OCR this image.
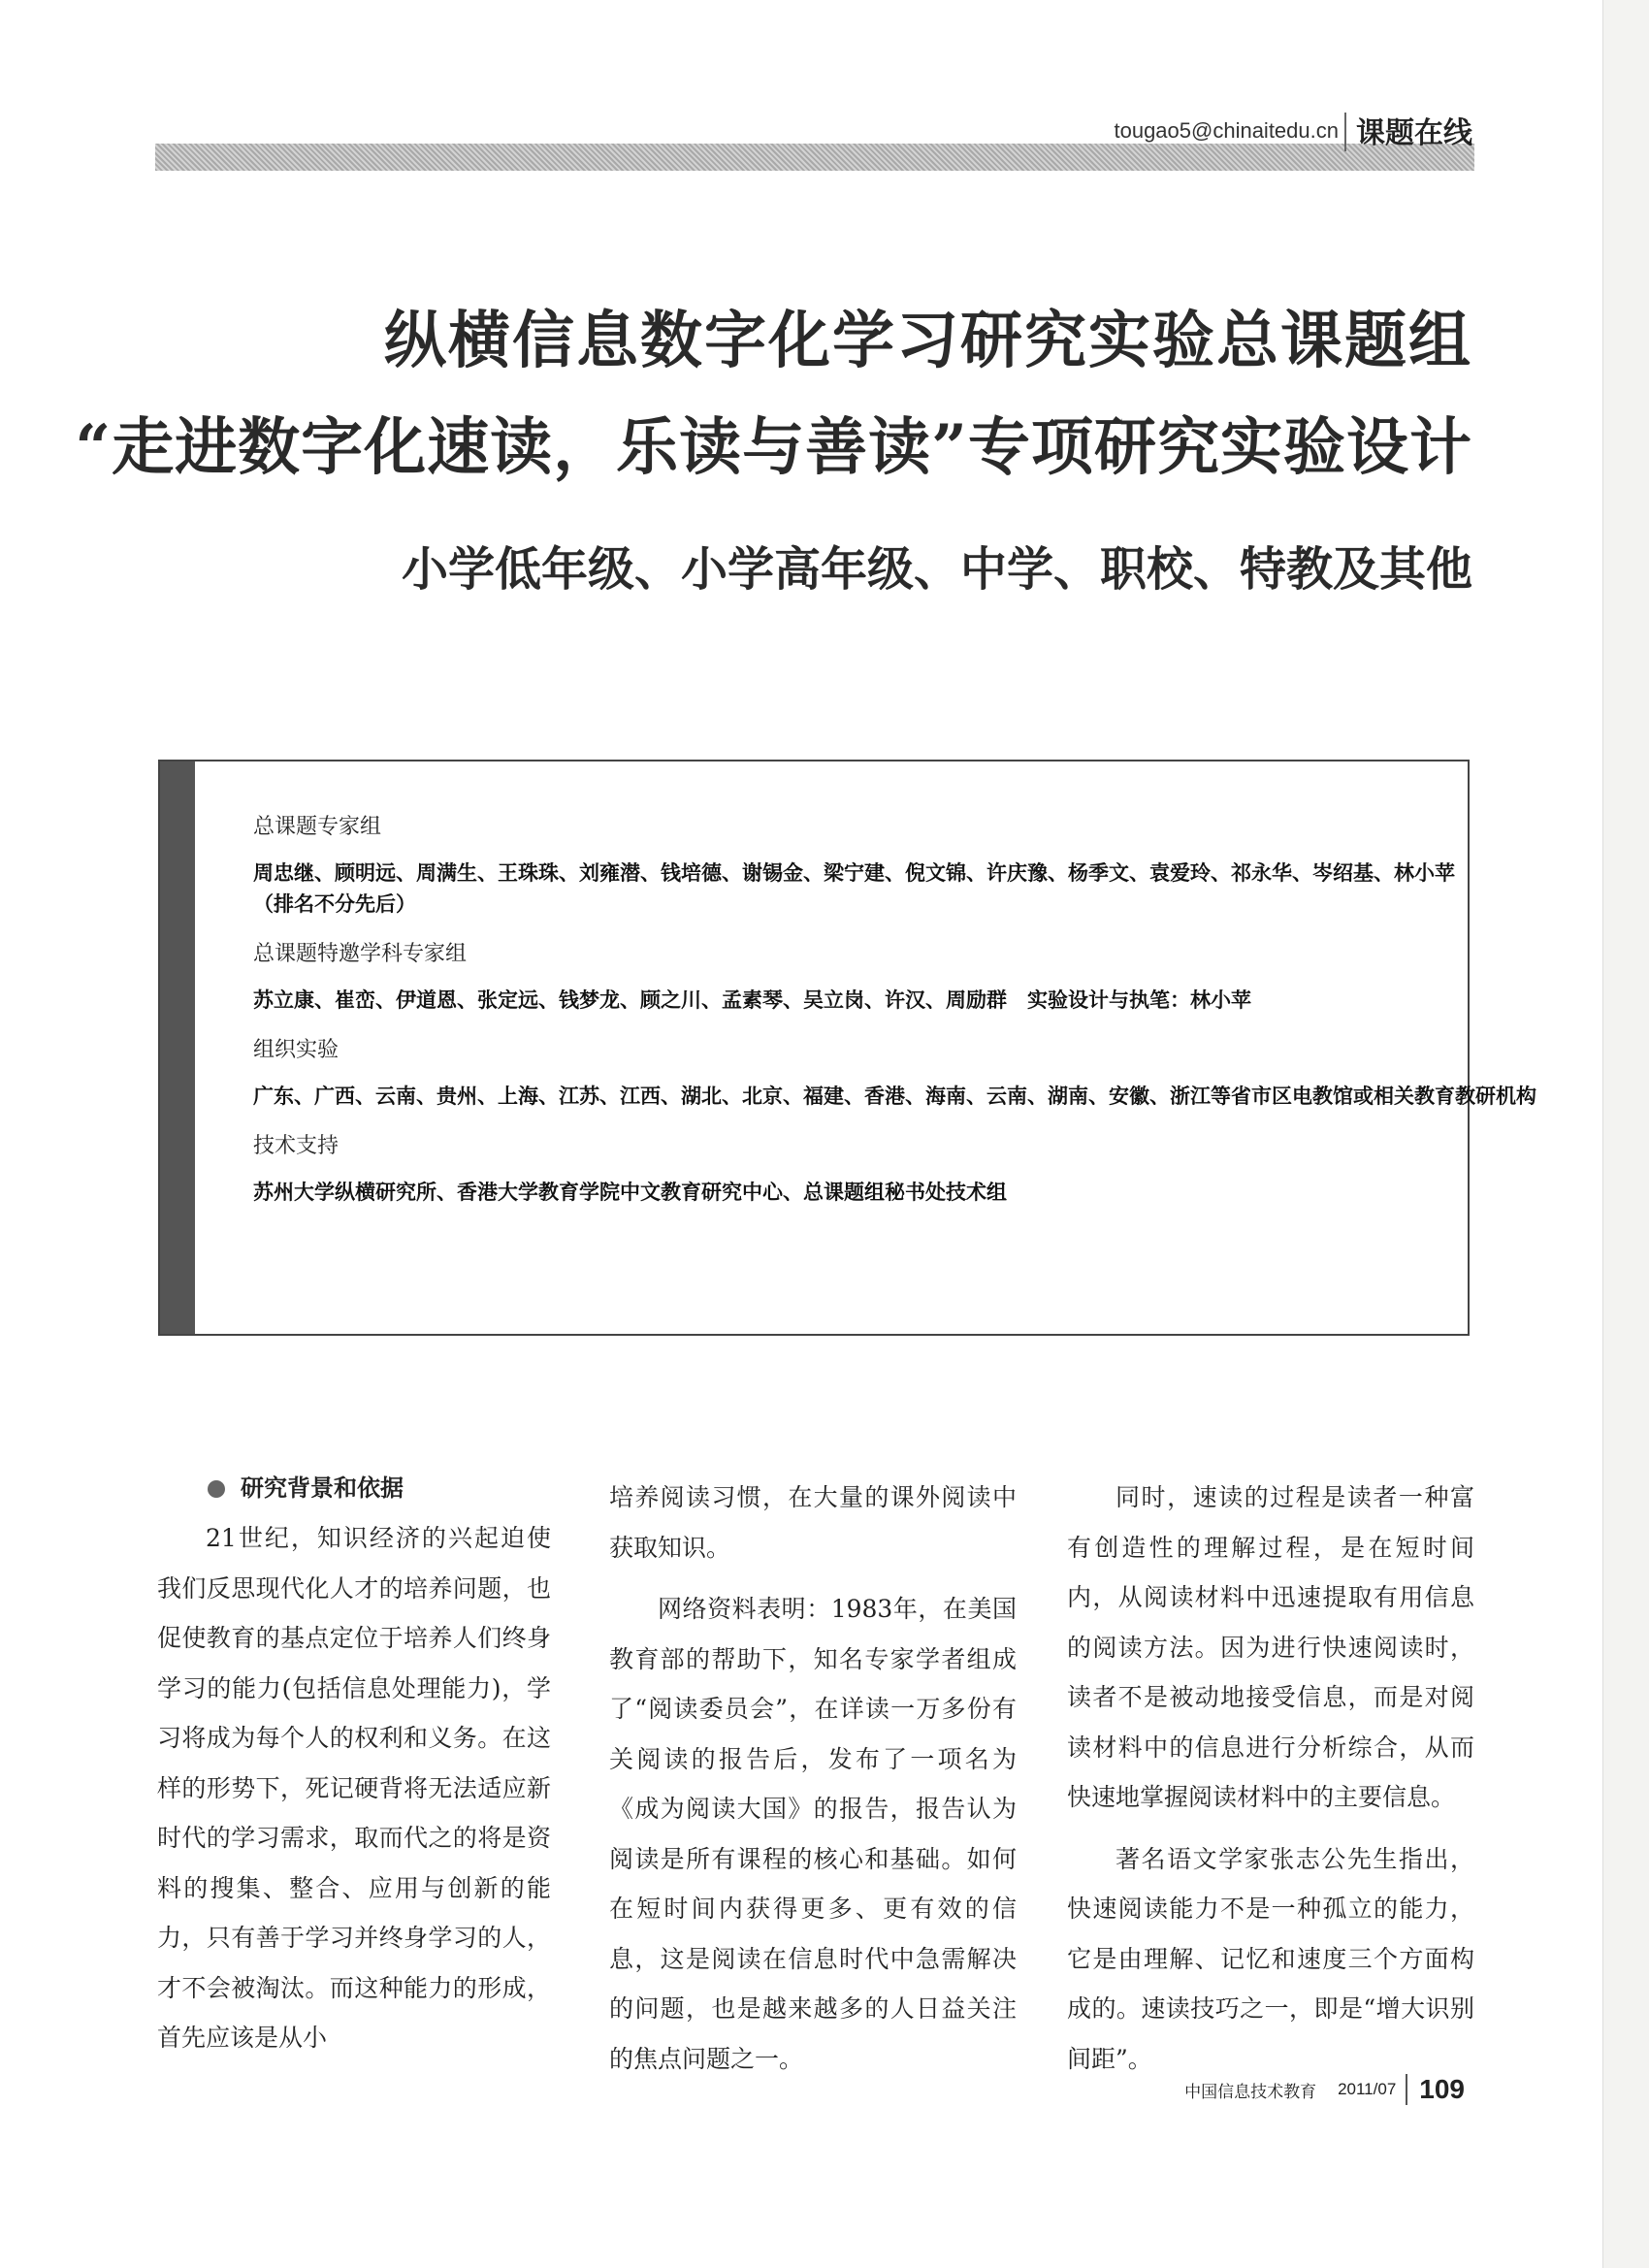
tougao5@chinaitedu.cn 课题在线
纵横信息数字化学习研究实验总课题组
“走进数字化速读，乐读与善读”专项研究实验设计
小学低年级、小学高年级、中学、职校、特教及其他

总课题专家组

周忠继、顾明远、周满生、王珠珠、刘雍潜、钱培德、谢锡金、梁宁建、倪文锦、许庆豫、杨季文、袁爱玲、祁永华、岑绍基、林小苹
（排名不分先后）

总课题特邀学科专家组

苏立康、崔峦、伊道恩、张定远、钱梦龙、顾之川、孟素琴、吴立岗、许汉、周励群　实验设计与执笔：林小苹

组织实验

广东、广西、云南、贵州、上海、江苏、江西、湖北、北京、福建、香港、海南、云南、湖南、安徽、浙江等省市区电教馆或相关教育教研机构

技术支持

苏州大学纵横研究所、香港大学教育学院中文教育研究中心、总课题组秘书处技术组

研究背景和依据

21世纪，知识经济的兴起迫使我们反思现代化人才的培养问题，也促使教育的基点定位于培养人们终身学习的能力(包括信息处理能力)，学习将成为每个人的权利和义务。在这样的形势下，死记硬背将无法适应新时代的学习需求，取而代之的将是资料的搜集、整合、应用与创新的能力，只有善于学习并终身学习的人，才不会被淘汰。而这种能力的形成，首先应该是从小

培养阅读习惯，在大量的课外阅读中获取知识。

网络资料表明：1983年，在美国教育部的帮助下，知名专家学者组成了“阅读委员会”，在详读一万多份有关阅读的报告后，发布了一项名为《成为阅读大国》的报告，报告认为阅读是所有课程的核心和基础。如何在短时间内获得更多、更有效的信息，这是阅读在信息时代中急需解决的问题，也是越来越多的人日益关注的焦点问题之一。

同时，速读的过程是读者一种富有创造性的理解过程，是在短时间内，从阅读材料中迅速提取有用信息的阅读方法。因为进行快速阅读时，读者不是被动地接受信息，而是对阅读材料中的信息进行分析综合，从而快速地掌握阅读材料中的主要信息。

著名语文学家张志公先生指出，快速阅读能力不是一种孤立的能力，它是由理解、记忆和速度三个方面构成的。速读技巧之一，即是“增大识别间距”。

中国信息技术教育 2011/07 109
